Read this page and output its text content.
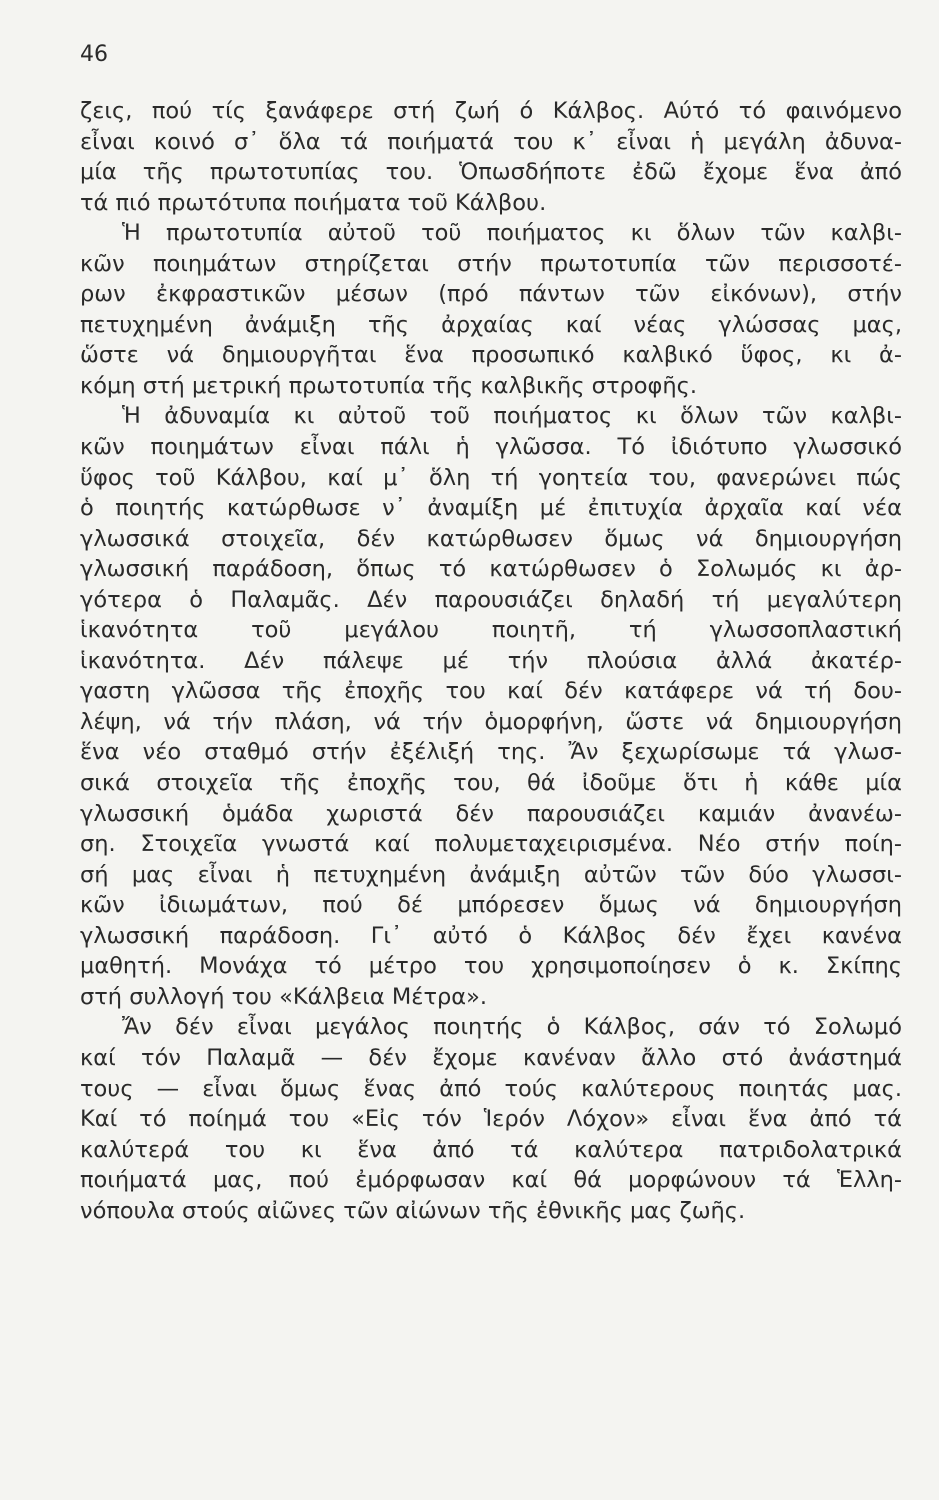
46
ζεις, πού τίς ξανάφερε στή ζωή ό Κάλβος. Αύτό τό φαινόμενο
εἶναι κοινό σ᾿ ὅλα τά ποιήματά του κ᾿ εἶναι ἡ μεγάλη ἀδυνα-
μία τῆς πρωτοτυπίας του. Ὁπωσδήποτε ἐδῶ ἔχομε ἕνα ἀπό
τά πιό πρωτότυπα ποιήματα τοῦ Κάλβου.
Ἡ πρωτοτυπία αὐτοῦ τοῦ ποιήματος κι ὅλων τῶν καλβι-
κῶν ποιημάτων στηρίζεται στήν πρωτοτυπία τῶν περισσοτέ-
ρων ἐκφραστικῶν μέσων (πρό πάντων τῶν εἰκόνων), στήν
πετυχημένη ἀνάμιξη τῆς ἀρχαίας καί νέας γλώσσας μας,
ὥστε νά δημιουργῆται ἕνα προσωπικό καλβικό ὕφος, κι ἀ-
κόμη στή μετρική πρωτοτυπία τῆς καλβικῆς στροφῆς.
Ἡ ἀδυναμία κι αὐτοῦ τοῦ ποιήματος κι ὅλων τῶν καλβι-
κῶν ποιημάτων εἶναι πάλι ἡ γλῶσσα. Τό ἰδιότυπο γλωσσικό
ὕφος τοῦ Κάλβου, καί μ᾿ ὅλη τή γοητεία του, φανερώνει πώς
ὁ ποιητής κατώρθωσε ν᾿ ἀναμίξη μέ ἐπιτυχία ἀρχαῖα καί νέα
γλωσσικά στοιχεῖα, δέν κατώρθωσεν ὅμως νά δημιουργήση
γλωσσική παράδοση, ὅπως τό κατώρθωσεν ὁ Σολωμός κι ἀρ-
γότερα ὁ Παλαμᾶς. Δέν παρουσιάζει δηλαδή τή μεγαλύτερη
ἱκανότητα τοῦ μεγάλου ποιητῆ, τή γλωσσοπλαστική
ἱκανότητα. Δέν πάλεψε μέ τήν πλούσια ἀλλά ἀκατέρ-
γαστη γλῶσσα τῆς ἐποχῆς του καί δέν κατάφερε νά τή δου-
λέψη, νά τήν πλάση, νά τήν ὁμορφήνη, ὥστε νά δημιουργήση
ἕνα νέο σταθμό στήν ἐξέλιξή της. Ἄν ξεχωρίσωμε τά γλωσ-
σικά στοιχεῖα τῆς ἐποχῆς του, θά ἰδοῦμε ὅτι ἡ κάθε μία
γλωσσική ὁμάδα χωριστά δέν παρουσιάζει καμιάν ἀνανέω-
ση. Στοιχεῖα γνωστά καί πολυμεταχειρισμένα. Νέο στήν ποίη-
σή μας εἶναι ἡ πετυχημένη ἀνάμιξη αὐτῶν τῶν δύο γλωσσι-
κῶν ἰδιωμάτων, πού δέ μπόρεσεν ὅμως νά δημιουργήση
γλωσσική παράδοση. Γι᾿ αὐτό ὁ Κάλβος δέν ἔχει κανένα
μαθητή. Μονάχα τό μέτρο του χρησιμοποίησεν ὁ κ. Σκίπης
στή συλλογή του «Κάλβεια Μέτρα».
Ἄν δέν εἶναι μεγάλος ποιητής ὁ Κάλβος, σάν τό Σολωμό
καί τόν Παλαμᾶ — δέν ἔχομε κανέναν ἄλλο στό ἀνάστημά
τους — εἶναι ὅμως ἕνας ἀπό τούς καλύτερους ποιητάς μας.
Καί τό ποίημά του «Εἰς τόν Ἱερόν Λόχον» εἶναι ἕνα ἀπό τά
καλύτερά του κι ἕνα ἀπό τά καλύτερα πατριδολατρικά
ποιήματά μας, πού ἐμόρφωσαν καί θά μορφώνουν τά Ἑλλη-
νόπουλα στούς αἰῶνες τῶν αἰώνων τῆς ἐθνικῆς μας ζωῆς.
